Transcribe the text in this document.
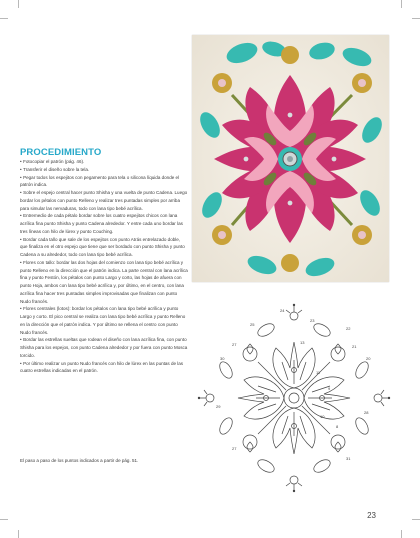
PROCEDIMIENTO

• Fotocopiar el patrón (pág. 46).

• Transferir el diseño sobre la tela.

• Pegar todos los espejitos con pegamento para tela o siliconа líquida donde el patrón indica.

• Sobre el espejo central hacer punto Shisha y una vuelta de punto Cadena. Luego bordar los pétalos con punto Relleno y realizar tres puntadas simples por arriba para simular las nervaduras, todo con lana tipo bebé acrílica.

• Entremedio de cada pétalo bordar sobre los cuatro espejitos chicos con lana acrílica fina punto Shisha y punto Cadena alrededor. Y entre cada uno bordar las tres líneas con hilo de lúrex y punto Couching.

• Bordar cada tallo que sale de los espejitos con punto Atrás entrelazado doble, que finaliza en el otro espejo que tiene que ser bordado con punto Shisha y punto Cadena a su alrededor, todo con lana tipo bebé acrílica.

• Flores con tallo: bordar las dos hojas del comienzo con lana tipo bebé acrílica y punto Relleno en la dirección que el patrón indica. La parte central con lana acrílica fina y punto Festón, los pétalos con punto Largo y corto, las hojas de afuera con punto Hoja, ambos con lana tipo bebé acrílica y, por último, en el centro, con lana acrílica fina hacer tres puntadas simples improvisadas que finalizan con punto Nudo francés.

• Flores centrales (lotos): bordar los pétalos con lana tipo bebé acrílica y punto Largo y corto. El pico central se realiza con lana tipo bebé acrílica y punto Relleno en la dirección que el patrón indica. Y por último se rellena el centro con punto Nudo francés.

• Bordar las estrellas sueltas que rodean el diseño con lana acrílica fina, con punto Shisha para los espejos, con punto Cadena alrededor y por fuera con punto Mosca torcido.

• Por último realizar un punto Nudo francés con hilo de lúrex en las puntas de las cuatro estrellas indicadas en el patrón.

El paso a paso de los puntos indicados a partir de pág. 51.
24
23
25
22
27	13
21
20
11
9
10
8
30
29
28
27
31
23
